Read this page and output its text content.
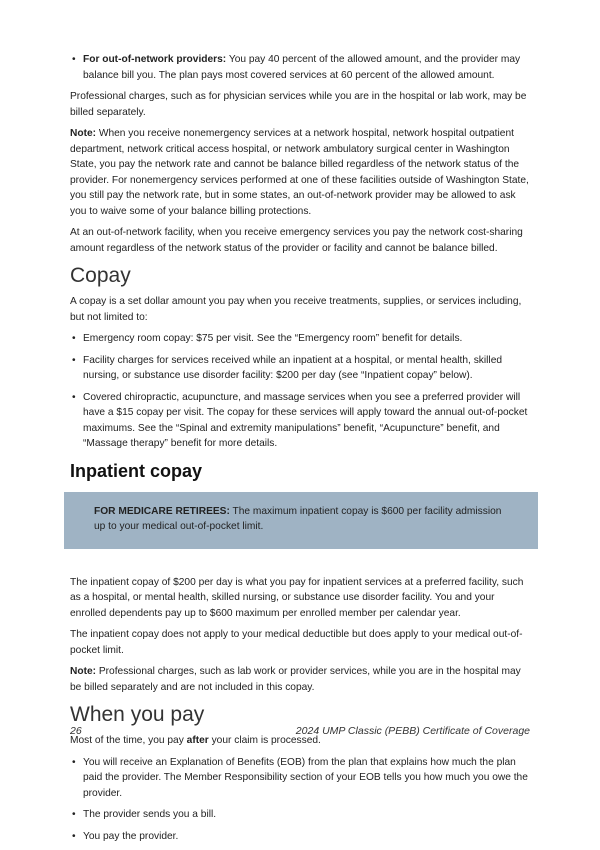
• For out-of-network providers: You pay 40 percent of the allowed amount, and the provider may balance bill you. The plan pays most covered services at 60 percent of the allowed amount.

Professional charges, such as for physician services while you are in the hospital or lab work, may be billed separately.

Note: When you receive nonemergency services at a network hospital, network hospital outpatient department, network critical access hospital, or network ambulatory surgical center in Washington State, you pay the network rate and cannot be balance billed regardless of the network status of the provider. For nonemergency services performed at one of these facilities outside of Washington State, you still pay the network rate, but in some states, an out-of-network provider may be allowed to ask you to waive some of your balance billing protections.

At an out-of-network facility, when you receive emergency services you pay the network cost-sharing amount regardless of the network status of the provider or facility and cannot be balance billed.

Copay

A copay is a set dollar amount you pay when you receive treatments, supplies, or services including, but not limited to:

• Emergency room copay: $75 per visit. See the “Emergency room” benefit for details.
• Facility charges for services received while an inpatient at a hospital, or mental health, skilled nursing, or substance use disorder facility: $200 per day (see “Inpatient copay” below).
• Covered chiropractic, acupuncture, and massage services when you see a preferred provider will have a $15 copay per visit. The copay for these services will apply toward the annual out-of-pocket maximums. See the “Spinal and extremity manipulations” benefit, “Acupuncture” benefit, and “Massage therapy” benefit for more details.
Inpatient copay
FOR MEDICARE RETIREES: The maximum inpatient copay is $600 per facility admission up to your medical out-of-pocket limit.

The inpatient copay of $200 per day is what you pay for inpatient services at a preferred facility, such as a hospital, or mental health, skilled nursing, or substance use disorder facility. You and your enrolled dependents pay up to $600 maximum per enrolled member per calendar year.

The inpatient copay does not apply to your medical deductible but does apply to your medical out-of-pocket limit.

Note: Professional charges, such as lab work or provider services, while you are in the hospital may be billed separately and are not included in this copay.

When you pay

Most of the time, you pay after your claim is processed.

• You will receive an Explanation of Benefits (EOB) from the plan that explains how much the plan paid the provider. The Member Responsibility section of your EOB tells you how much you owe the provider.
• The provider sends you a bill.
• You pay the provider.
26	2024 UMP Classic (PEBB) Certificate of Coverage
